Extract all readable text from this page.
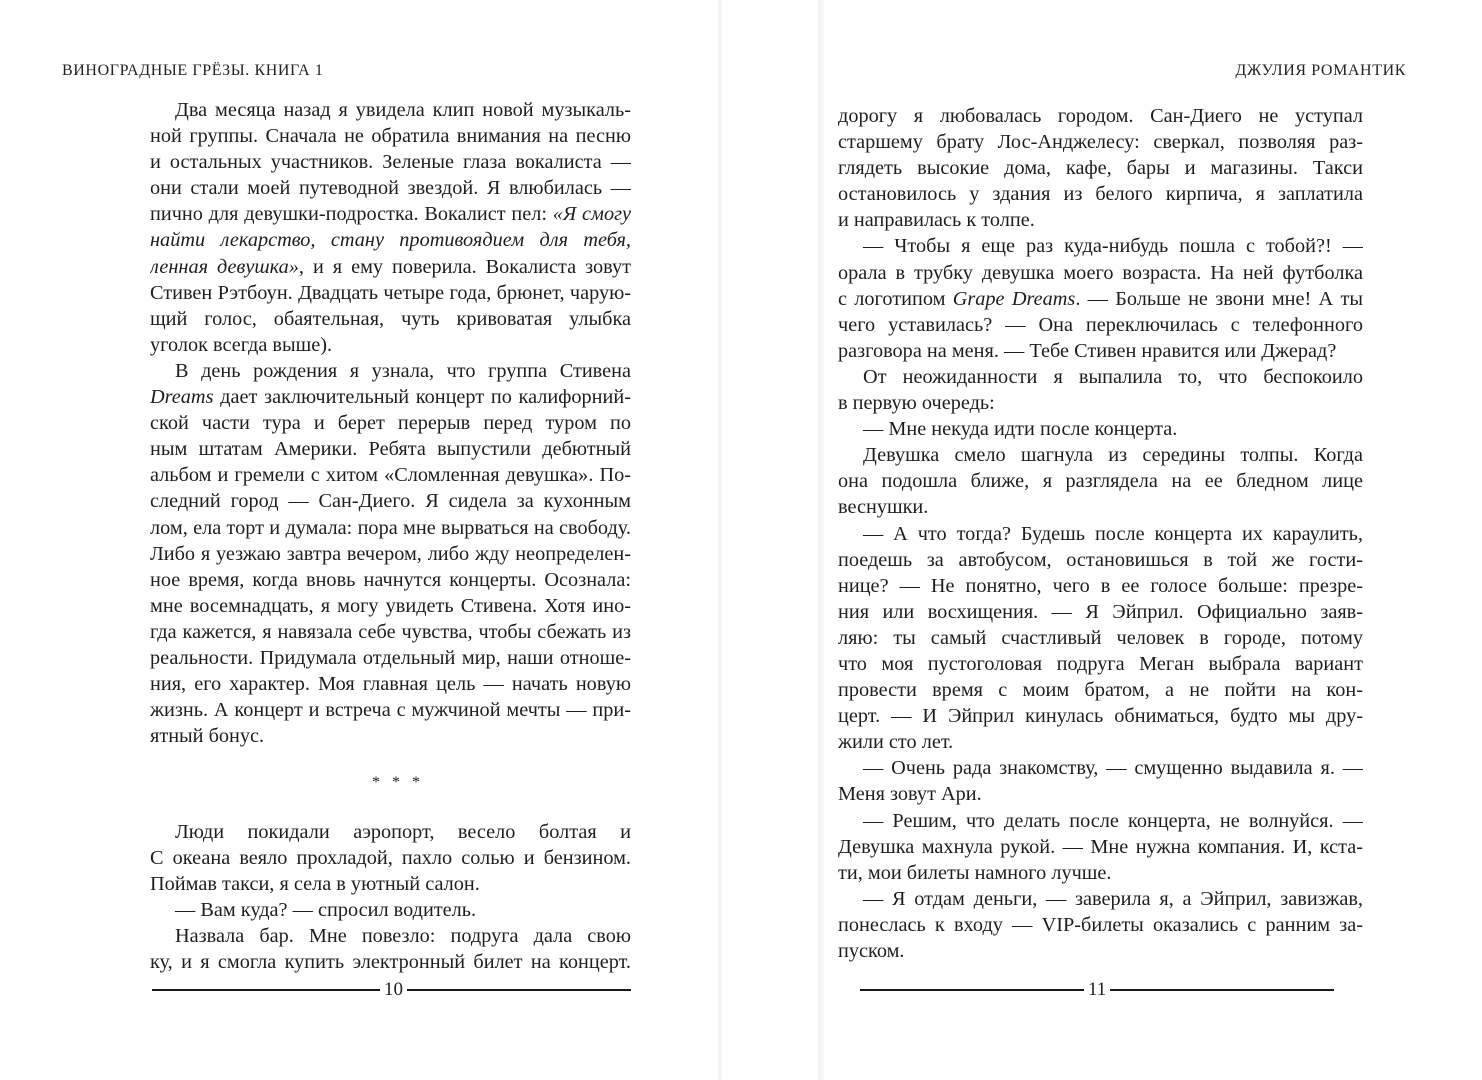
ВИНОГРАДНЫЕ ГРЁЗЫ. КНИГА 1
Два месяца назад я увидела клип новой музыкаль-
ной группы. Сначала не обратила внимания на песню
и остальных участников. Зеленые глаза вокалиста —
они стали моей путеводной звездой. Я влюбилась —
пично для девушки-подростка. Вокалист пел: «Я смогу
найти лекарство, стану противоядием для тебя,
ленная девушка», и я ему поверила. Вокалиста зовут
Стивен Рэтбоун. Двадцать четыре года, брюнет, чарую-
щий голос, обаятельная, чуть кривоватая улыбка
уголок всегда выше).
В день рождения я узнала, что группа Стивена
Dreams дает заключительный концерт по калифорний-
ской части тура и берет перерыв перед туром по
ным штатам Америки. Ребята выпустили дебютный
альбом и гремели с хитом «Сломленная девушка». По-
следний город — Сан-Диего. Я сидела за кухонным
лом, ела торт и думала: пора мне вырваться на свободу.
Либо я уезжаю завтра вечером, либо жду неопределен-
ное время, когда вновь начнутся концерты. Осознала:
мне восемнадцать, я могу увидеть Стивена. Хотя ино-
гда кажется, я навязала себе чувства, чтобы сбежать из
реальности. Придумала отдельный мир, наши отноше-
ния, его характер. Моя главная цель — начать новую
жизнь. А концерт и встреча с мужчиной мечты — при-
ятный бонус.
* * *
Люди покидали аэропорт, весело болтая и
С океана веяло прохладой, пахло солью и бензином.
Поймав такси, я села в уютный салон.
— Вам куда? — спросил водитель.
Назвала бар. Мне повезло: подруга дала свою
ку, и я смогла купить электронный билет на концерт.
10
ДЖУЛИЯ РОМАНТИК
дорогу я любовалась городом. Сан-Диего не уступал
старшему брату Лос-Анджелесу: сверкал, позволяя раз-
глядеть высокие дома, кафе, бары и магазины. Такси
остановилось у здания из белого кирпича, я заплатила
и направилась к толпе.
— Чтобы я еще раз куда-нибудь пошла с тобой?! —
орала в трубку девушка моего возраста. На ней футболка
с логотипом Grape Dreams. — Больше не звони мне! А ты
чего уставилась? — Она переключилась с телефонного
разговора на меня. — Тебе Стивен нравится или Джерад?
От неожиданности я выпалила то, что беспокоило
в первую очередь:
— Мне некуда идти после концерта.
Девушка смело шагнула из середины толпы. Когда
она подошла ближе, я разглядела на ее бледном лице
веснушки.
— А что тогда? Будешь после концерта их караулить,
поедешь за автобусом, остановишься в той же гости-
нице? — Не понятно, чего в ее голосе больше: презре-
ния или восхищения. — Я Эйприл. Официально заяв-
ляю: ты самый счастливый человек в городе, потому
что моя пустоголовая подруга Меган выбрала вариант
провести время с моим братом, а не пойти на кон-
церт. — И Эйприл кинулась обниматься, будто мы дру-
жили сто лет.
— Очень рада знакомству, — смущенно выдавила я. —
Меня зовут Ари.
— Решим, что делать после концерта, не волнуйся. —
Девушка махнула рукой. — Мне нужна компания. И, кста-
ти, мои билеты намного лучше.
— Я отдам деньги, — заверила я, а Эйприл, завизжав,
понеслась к входу — VIP-билеты оказались с ранним за-
пуском.
11
